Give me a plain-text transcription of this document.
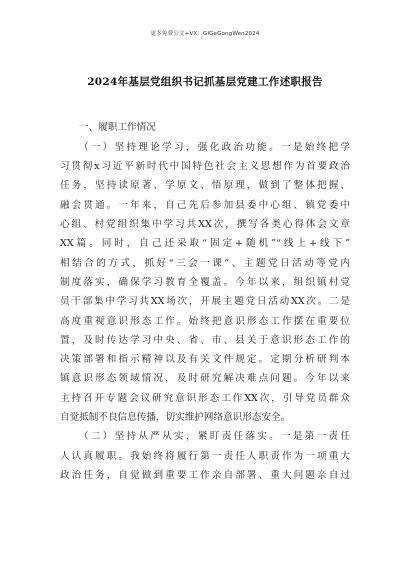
更多免费公文+VX：GlGeGongWen2024
2024年基层党组织书记抓基层党建工作述职报告
一、履职工作情况
（一）坚持理论学习，强化政治功能。一是始终把学
习贯彻x习近平新时代中国特色社会主义思想作为首要政治
任务，坚持读原著、学原文、悟原理，做到了整体把握、
融会贯通。一年来，自己先后参加县委中心组、镇党委中
心组、村党组织集中学习共XX次，撰写各类心得体会文章
XX篇。同时，自己还采取“固定+随机”“线上+线下”
相结合的方式，抓好“三会一课”、主题党日活动等党内
制度落实，确保学习教育全覆盖。今年以来，组织镇村党
员干部集中学习共XX场次，开展主题党日活动XX次。二是
高度重视意识形态工作。始终把意识形态工作摆在重要位
置，及时传达学习中央、省、市、县关于意识形态工作的
决策部署和指示精神以及有关文件规定。定期分析研判本
镇意识形态领域情况，及时研究解决难点问题。今年以来
主持召开专题会议研究意识形态工作XX次，引导党员群众
自觉抵制不良信息传播，切实维护网络意识形态安全。
（二）坚持从严从实，紧盯责任落实。一是第一责任
人认真履职。我始终将履行第一责任人职责作为一项重大
政治任务，自觉做到重要工作亲自部署、重大问题亲自过
